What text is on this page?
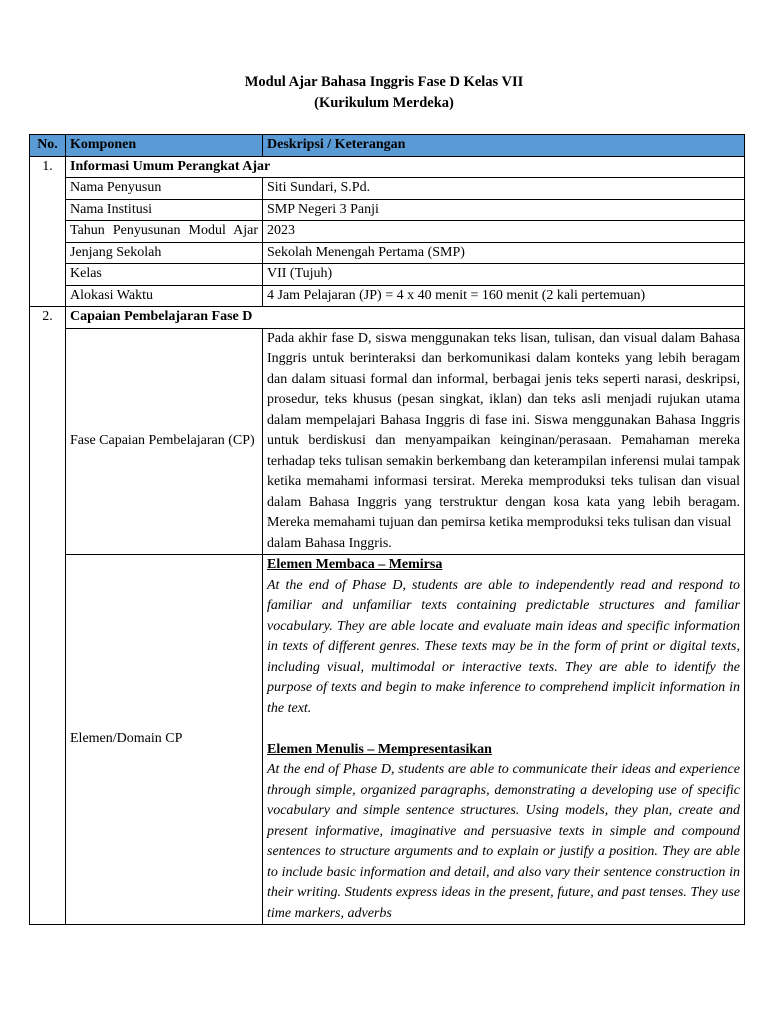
Modul Ajar Bahasa Inggris Fase D Kelas VII
(Kurikulum Merdeka)
No.	Komponen	Deskripsi / Keterangan
1.	Informasi Umum Perangkat Ajar	
	Nama Penyusun	Siti Sundari, S.Pd.
	Nama Institusi	SMP Negeri 3 Panji
	Tahun Penyusunan Modul Ajar	2023
	Jenjang Sekolah	Sekolah Menengah Pertama (SMP)
	Kelas	VII (Tujuh)
	Alokasi Waktu	4 Jam Pelajaran (JP) = 4 x 40 menit = 160 menit (2 kali pertemuan)
2.	Capaian Pembelajaran Fase D	
	Fase Capaian Pembelajaran (CP)	Pada akhir fase D, siswa menggunakan teks lisan, tulisan, dan visual dalam Bahasa Inggris untuk berinteraksi dan berkomunikasi dalam konteks yang lebih beragam dan dalam situasi formal dan informal, berbagai jenis teks seperti narasi, deskripsi, prosedur, teks khusus (pesan singkat, iklan) dan teks asli menjadi rujukan utama dalam mempelajari Bahasa Inggris di fase ini. Siswa menggunakan Bahasa Inggris untuk berdiskusi dan menyampaikan keinginan/perasaan. Pemahaman mereka terhadap teks tulisan semakin berkembang dan keterampilan inferensi mulai tampak ketika memahami informasi tersirat. Mereka memproduksi teks tulisan dan visual dalam Bahasa Inggris yang terstruktur dengan kosa kata yang lebih beragam. Mereka memahami tujuan dan pemirsa ketika memproduksi teks tulisan dan visual

dalam Bahasa Inggris.

	Elemen/Domain CP	Elemen Membaca – Memirsa

At the end of Phase D, students are able to independently read and respond to familiar and unfamiliar texts containing predictable structures and familiar vocabulary. They are able locate and evaluate main ideas and specific information in texts of different genres. These texts may be in the form of print or digital texts, including visual, multimodal or interactive texts. They are able to identify the purpose of texts and begin to make inference to comprehend implicit information in the text.

Elemen Menulis – Mempresentasikan

At the end of Phase D, students are able to communicate their ideas and experience through simple, organized paragraphs, demonstrating a developing use of specific vocabulary and simple sentence structures. Using models, they plan, create and present informative, imaginative and persuasive texts in simple and compound sentences to structure arguments and to explain or justify a position. They are able to include basic information and detail, and also vary their sentence construction in their writing. Students express ideas in the present, future, and past tenses. They use time markers, adverbs
